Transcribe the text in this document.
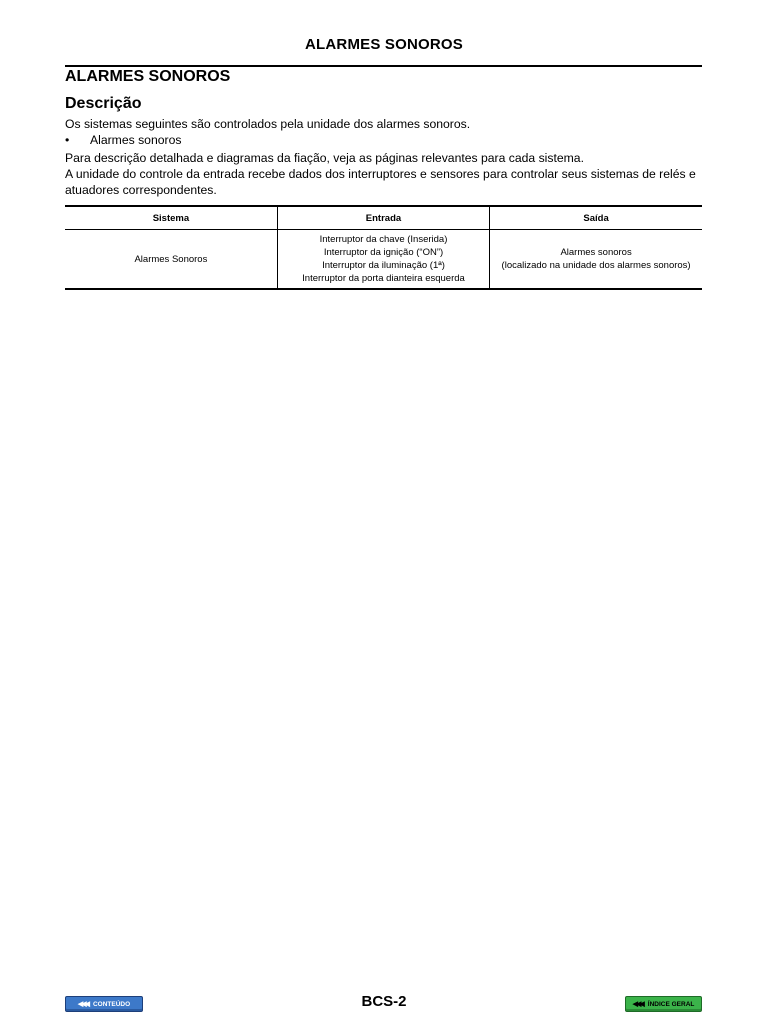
ALARMES SONOROS
ALARMES SONOROS
Descrição
Os sistemas seguintes são controlados pela unidade dos alarmes sonoros.
• Alarmes sonoros
Para descrição detalhada e diagramas da fiação, veja as páginas relevantes para cada sistema.
A unidade do controle da entrada recebe dados dos interruptores e sensores para controlar seus sistemas de relés e atuadores correspondentes.
Sistema	Entrada	Saída
Alarmes Sonoros	Interruptor da chave (Inserida)
Interruptor da ignição (“ON”)
Interruptor da iluminação (1ª)
Interruptor da porta dianteira esquerda	Alarmes sonoros
(localizado na unidade dos alarmes sonoros)
◀◀◀ CONTEÚDO	BCS-2	◀◀◀ ÍNDICE GERAL
